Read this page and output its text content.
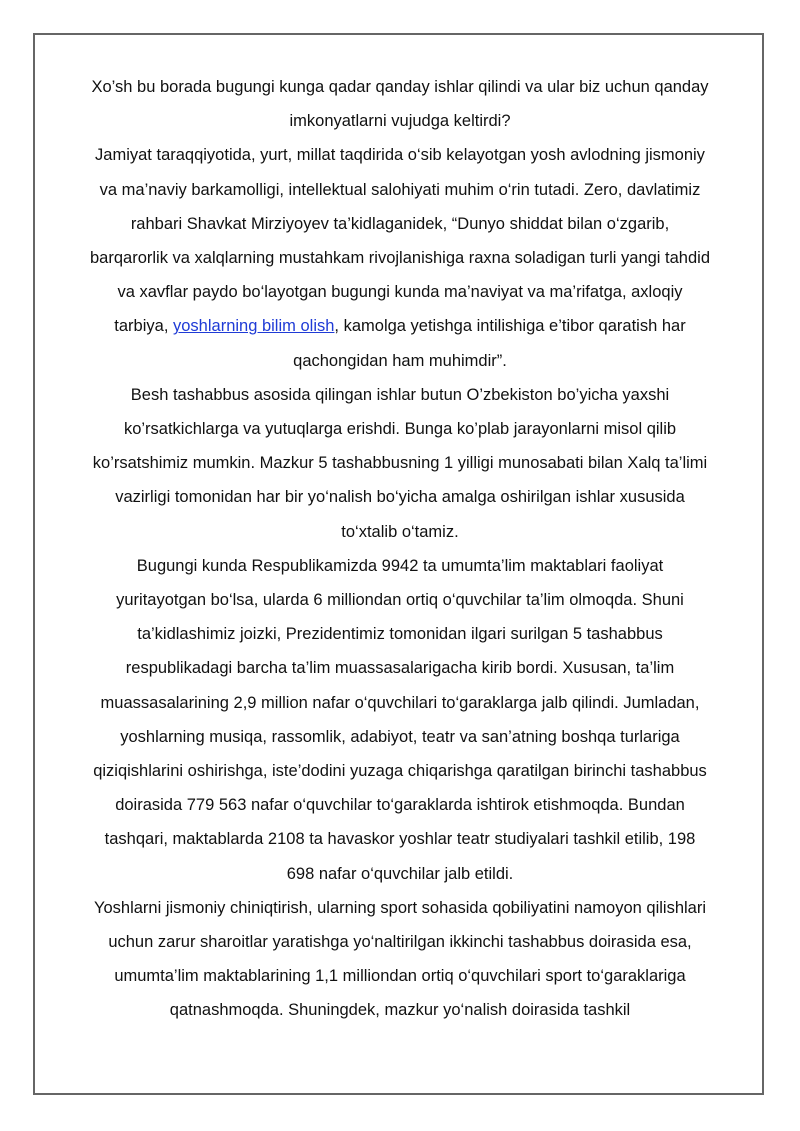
Xo’sh bu borada bugungi kunga qadar qanday ishlar qilindi va ular biz uchun qanday imkonyatlarni vujudga keltirdi?

Jamiyat taraqqiyotida, yurt, millat taqdirida o‘sib kelayotgan yosh avlodning jismoniy va ma’naviy barkamolligi, intellektual salohiyati muhim o‘rin tutadi. Zero, davlatimiz rahbari Shavkat Mirziyoyev ta’kidlaganidek, “Dunyo shiddat bilan o‘zgarib, barqarorlik va xalqlarning mustahkam rivojlanishiga raxna soladigan turli yangi tahdid va xavflar paydo bo‘layotgan bugungi kunda ma’naviyat va ma’rifatga, axloqiy tarbiya, yoshlarning bilim olish, kamolga yetishga intilishiga e’tibor qaratish har qachongidan ham muhimdir”.

Besh tashabbus asosida qilingan ishlar butun O’zbekiston bo’yicha yaxshi ko’rsatkichlarga va yutuqlarga erishdi. Bunga ko’plab jarayonlarni misol qilib ko’rsatshimiz mumkin. Mazkur 5 tashabbusning 1 yilligi munosabati bilan Xalq ta’limi vazirligi tomonidan har bir yo‘nalish bo‘yicha amalga oshirilgan ishlar xususida to‘xtalib o‘tamiz.

Bugungi kunda Respublikamizda 9942 ta umumta’lim maktablari faoliyat yuritayotgan bo‘lsa, ularda 6 milliondan ortiq o‘quvchilar ta’lim olmoqda. Shuni ta’kidlashimiz joizki, Prezidentimiz tomonidan ilgari surilgan 5 tashabbus respublikadagi barcha ta’lim muassasalarigacha kirib bordi. Xususan, ta’lim muassasalarining 2,9 million nafar o‘quvchilari to‘garaklarga jalb qilindi. Jumladan, yoshlarning musiqa, rassomlik, adabiyot, teatr va san’atning boshqa turlariga qiziqishlarini oshirishga, iste’dodini yuzaga chiqarishga qaratilgan birinchi tashabbus doirasida 779 563 nafar o‘quvchilar to‘garaklarda ishtirok etishmoqda. Bundan tashqari, maktablarda 2108 ta havaskor yoshlar teatr studiyalari tashkil etilib, 198 698 nafar o‘quvchilar jalb etildi.

Yoshlarni jismoniy chiniqtirish, ularning sport sohasida qobiliyatini namoyon qilishlari uchun zarur sharoitlar yaratishga yo‘naltirilgan ikkinchi tashabbus doirasida esa, umumta’lim maktablarining 1,1 milliondan ortiq o‘quvchilari sport to‘garaklariga qatnashmoqda. Shuningdek, mazkur yo‘nalish doirasida tashkil
